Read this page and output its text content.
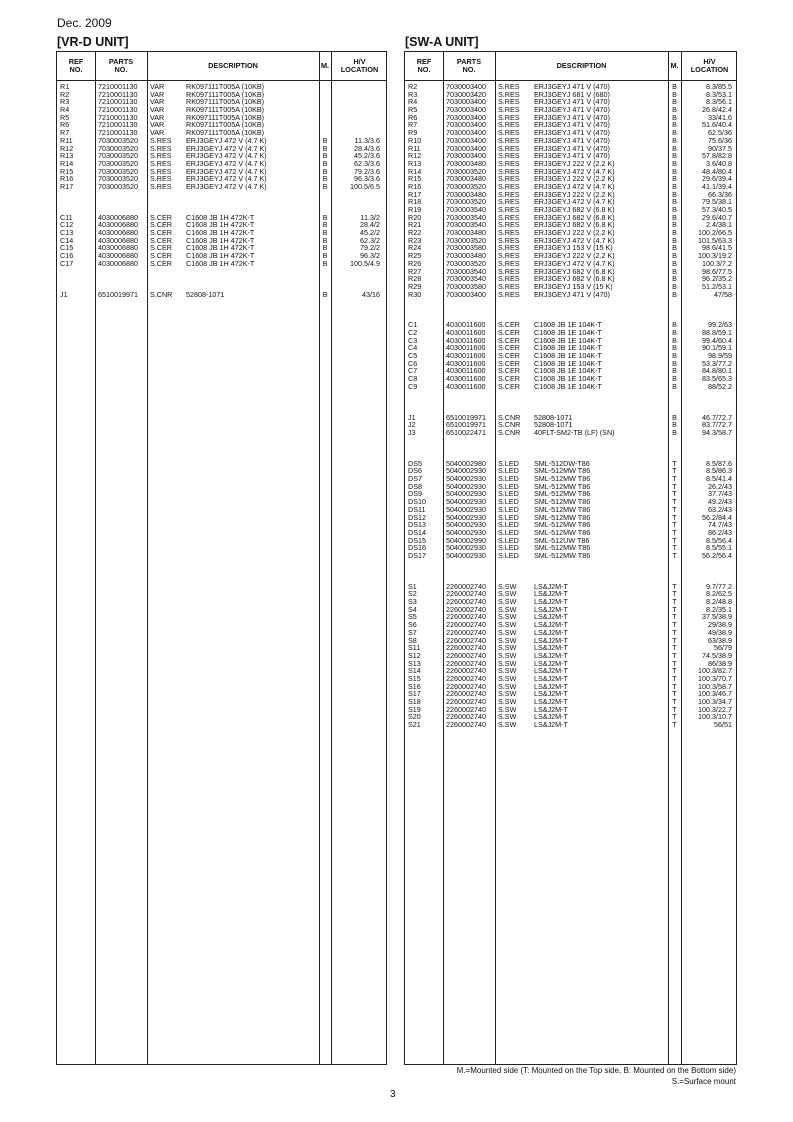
Dec. 2009
[VR-D UNIT]	[SW-A UNIT]
REF
NO.
PARTS
NO.	DESCRIPTION	M.	H/V
LOCATION
R1	7210001130	VAR	RK097111T005A (10KB)
R2	7210001130	VAR	RK097111T005A (10KB)
R3	7210001130	VAR	RK097111T005A (10KB)
R4	7210001130	VAR	RK097111T005A (10KB)
R5	7210001130	VAR	RK097111T005A (10KB)
R6	7210001130	VAR	RK097111T005A (10KB)
R7	7210001130	VAR	RK097111T005A (10KB)
R11	7030003520	S.RES	ERJ3GEYJ 472 V (4.7 K)	B	11.3/3.6
R12	7030003520	S.RES	ERJ3GEYJ 472 V (4.7 K)	B	28.4/3.6
R13	7030003520	S.RES	ERJ3GEYJ 472 V (4.7 K)	B	45.2/3.6
R14	7030003520	S.RES	ERJ3GEYJ 472 V (4.7 K)	B	62.3/3.6
R15	7030003520	S.RES	ERJ3GEYJ 472 V (4.7 K)	B	79.2/3.6
R16	7030003520	S.RES	ERJ3GEYJ 472 V (4.7 K)	B	96.3/3.6
R17	7030003520	S.RES	ERJ3GEYJ 472 V (4.7 K)	B	100.5/6.5
C11	4030006880	S.CER	C1608 JB 1H 472K-T	B	11.3/2
C12	4030006880	S.CER	C1608 JB 1H 472K-T	B	28.4/2
C13	4030006880	S.CER	C1608 JB 1H 472K-T	B	45.2/2
C14	4030006880	S.CER	C1608 JB 1H 472K-T	B	62.3/2
C15	4030006880	S.CER	C1608 JB 1H 472K-T	B	79.2/2
C16	4030006880	S.CER	C1608 JB 1H 472K-T	B	96.3/2
C17	4030006880	S.CER	C1608 JB 1H 472K-T	B	100.5/4.9
J1	6510019971	S.CNR	52808-1071	B	43/16
REF
NO.
PARTS
NO.	DESCRIPTION	M.	H/V
LOCATION
R2	7030003400	S.RES	ERJ3GEYJ 471 V (470)	B	8.3/85.5
R3	7030003420	S.RES	ERJ3GEYJ 681 V (680)	B	8.3/53.1
R4	7030003400	S.RES	ERJ3GEYJ 471 V (470)	B	8.3/56.1
R5	7030003400	S.RES	ERJ3GEYJ 471 V (470)	B	26.8/42.4
R6	7030003400	S.RES	ERJ3GEYJ 471 V (470)	B	33/41.6
R7	7030003400	S.RES	ERJ3GEYJ 471 V (470)	B	51.6/40.4
R9	7030003400	S.RES	ERJ3GEYJ 471 V (470)	B	62.5/36
R10	7030003400	S.RES	ERJ3GEYJ 471 V (470)	B	75.6/36
R11	7030003400	S.RES	ERJ3GEYJ 471 V (470)	B	90/37.5
R12	7030003400	S.RES	ERJ3GEYJ 471 V (470)	B	57.8/82.8
R13	7030003480	S.RES	ERJ3GEYJ 222 V (2.2 K)	B	3.6/40.8
R14	7030003520	S.RES	ERJ3GEYJ 472 V (4.7 K)	B	48.4/80.4
R15	7030003480	S.RES	ERJ3GEYJ 222 V (2.2 K)	B	29.6/39.4
R16	7030003520	S.RES	ERJ3GEYJ 472 V (4.7 K)	B	41.1/39.4
R17	7030003480	S.RES	ERJ3GEYJ 222 V (2.2 K)	B	66.3/36
R18	7030003520	S.RES	ERJ3GEYJ 472 V (4.7 K)	B	79.5/38.1
R19	7030003540	S.RES	ERJ3GEYJ 682 V (6.8 K)	B	57.3/40.5
R20	7030003540	S.RES	ERJ3GEYJ 682 V (6.8 K)	B	29.6/40.7
R21	7030003540	S.RES	ERJ3GEYJ 682 V (6.8 K)	B	2.4/38.1
R22	7030003480	S.RES	ERJ3GEYJ 222 V (2.2 K)	B	100.2/66.5
R23	7030003520	S.RES	ERJ3GEYJ 472 V (4.7 K)	B	101.5/63.3
R24	7030003580	S.RES	ERJ3GEYJ 153 V (15 K)	B	98.6/41.5
R25	7030003480	S.RES	ERJ3GEYJ 222 V (2.2 K)	B	100.3/19.2
R26	7030003520	S.RES	ERJ3GEYJ 472 V (4.7 K)	B	100.3/7.2
R27	7030003540	S.RES	ERJ3GEYJ 682 V (6.8 K)	B	98.6/77.5
R28	7030003540	S.RES	ERJ3GEYJ 682 V (6.8 K)	B	96.2/35.2
R29	7030003580	S.RES	ERJ3GEYJ 153 V (15 K)	B	51.2/53.1
R30	7030003400	S.RES	ERJ3GEYJ 471 V (470)	B	47/58
C1	4030011600	S.CER	C1608 JB 1E 104K-T	B	99.2/63
C2	4030011600	S.CER	C1608 JB 1E 104K-T	B	88.8/59.1
C3	4030011600	S.CER	C1608 JB 1E 104K-T	B	99.4/60.4
C4	4030011600	S.CER	C1608 JB 1E 104K-T	B	90.1/59.1
C5	4030011600	S.CER	C1608 JB 1E 104K-T	B	98.9/59
C6	4030011600	S.CER	C1608 JB 1E 104K-T	B	53.3/77.2
C7	4030011600	S.CER	C1608 JB 1E 104K-T	B	84.8/80.1
C8	4030011600	S.CER	C1608 JB 1E 104K-T	B	83.5/65.3
C9	4030011600	S.CER	C1608 JB 1E 104K-T	B	88/52.2
J1	6510019971	S.CNR	52808-1071	B	46.7/72.7
J2	6510019971	S.CNR	52808-1071	B	83.7/72.7
J3	6510022471	S.CNR	40FLT-SM2-TB (LF) (SN)	B	94.3/58.7
DS5	5040002980	S.LED	SML-512DW-T86	T	8.5/87.6
DS6	5040002930	S.LED	SML-512MW T86	T	8.5/86.3
DS7	5040002930	S.LED	SML-512MW T86	T	8.5/41.4
DS8	5040002930	S.LED	SML-512MW T86	T	26.2/43
DS9	5040002930	S.LED	SML-512MW T86	T	37.7/43
DS10	5040002930	S.LED	SML-512MW T86	T	49.2/43
DS11	5040002930	S.LED	SML-512MW T86	T	63.2/43
DS12	5040002930	S.LED	SML-512MW T86	T	56.2/84.4
DS13	5040002930	S.LED	SML-512MW T86	T	74.7/43
DS14	5040002930	S.LED	SML-512MW T86	T	86.2/43
DS15	5040002990	S.LED	SML-512UW T86	T	8.5/56.4
DS16	5040002930	S.LED	SML-512MW T86	T	8.5/55.1
DS17	5040002930	S.LED	SML-512MW T86	T	56.2/56.4
S1	2260002740	S.SW	LS&J2M-T	T	9.7/77.2
S2	2260002740	S.SW	LS&J2M-T	T	8.2/62.5
S3	2260002740	S.SW	LS&J2M-T	T	8.2/48.8
S4	2260002740	S.SW	LS&J2M-T	T	8.2/35.1
S5	2260002740	S.SW	LS&J2M-T	T	37.5/38.9
S6	2260002740	S.SW	LS&J2M-T	T	29/38.9
S7	2260002740	S.SW	LS&J2M-T	T	49/38.9
S8	2260002740	S.SW	LS&J2M-T	T	63/38.9
S11	2260002740	S.SW	LS&J2M-T	T	56/79
S12	2260002740	S.SW	LS&J2M-T	T	74.5/38.9
S13	2260002740	S.SW	LS&J2M-T	T	86/38.9
S14	2260002740	S.SW	LS&J2M-T	T	100.3/82.7
S15	2260002740	S.SW	LS&J2M-T	T	100.3/70.7
S16	2260002740	S.SW	LS&J2M-T	T	100.3/58.7
S17	2260002740	S.SW	LS&J2M-T	T	100.3/46.7
S18	2260002740	S.SW	LS&J2M-T	T	100.3/34.7
S19	2260002740	S.SW	LS&J2M-T	T	100.3/22.7
S20	2260002740	S.SW	LS&J2M-T	T	100.3/10.7
S21	2260002740	S.SW	LS&J2M-T	T	56/51
M.=Mounted side (T: Mounted on the Top side, B: Mounted on the Bottom side)
S.=Surface mount
3
